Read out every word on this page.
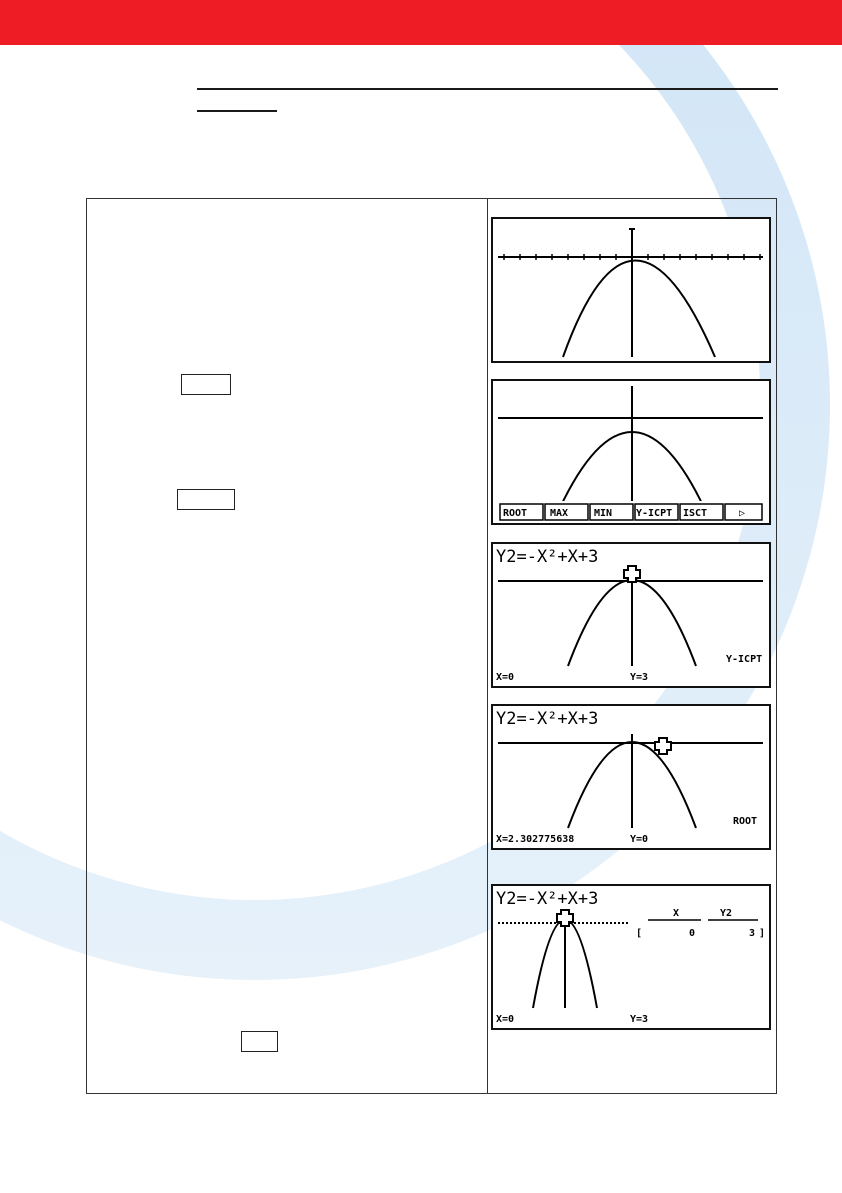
ROOT MAX	MIN Y-ICPT ISCT	▷
Y2=-X²+X+3
Y-ICPT
X=0	Y=3
Y2=-X²+X+3
ROOT
X=2.302775638	Y=0
Y2=-X²+X+3
X	Y2
[	0	3 ]
X=0	Y=3
